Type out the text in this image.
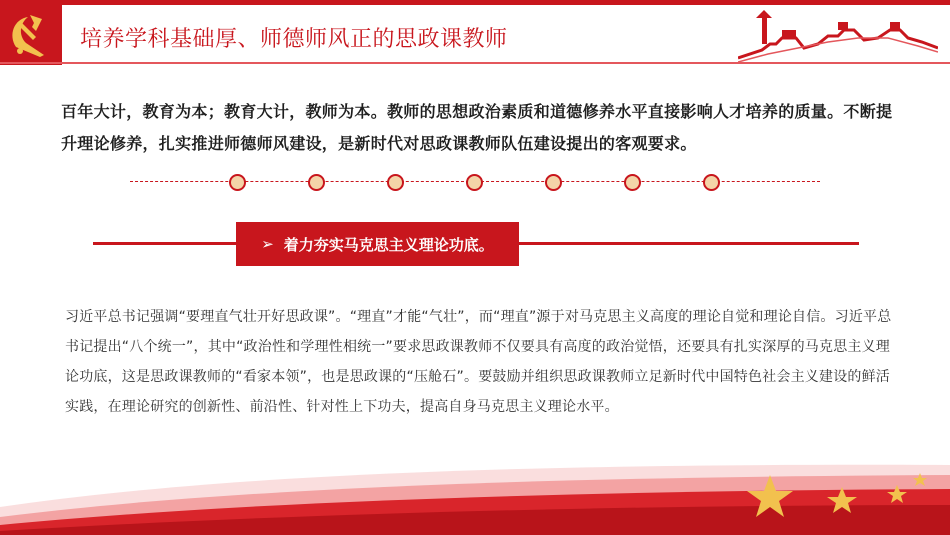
培养学科基础厚、师德师风正的思政课教师

百年大计，教育为本；教育大计，教师为本。教师的思想政治素质和道德修养水平直接影响人才培养的质量。不断提升理论修养，扎实推进师德师风建设，是新时代对思政课教师队伍建设提出的客观要求。

➢ 着力夯实马克思主义理论功底。

习近平总书记强调“要理直气壮开好思政课”。“理直”才能“气壮”，而“理直”源于对马克思主义高度的理论自觉和理论自信。习近平总书记提出“八个统一”，其中“政治性和学理性相统一”要求思政课教师不仅要具有高度的政治觉悟，还要具有扎实深厚的马克思主义理论功底，这是思政课教师的“看家本领”，也是思政课的“压舱石”。要鼓励并组织思政课教师立足新时代中国特色社会主义建设的鲜活实践，在理论研究的创新性、前沿性、针对性上下功夫，提高自身马克思主义理论水平。
